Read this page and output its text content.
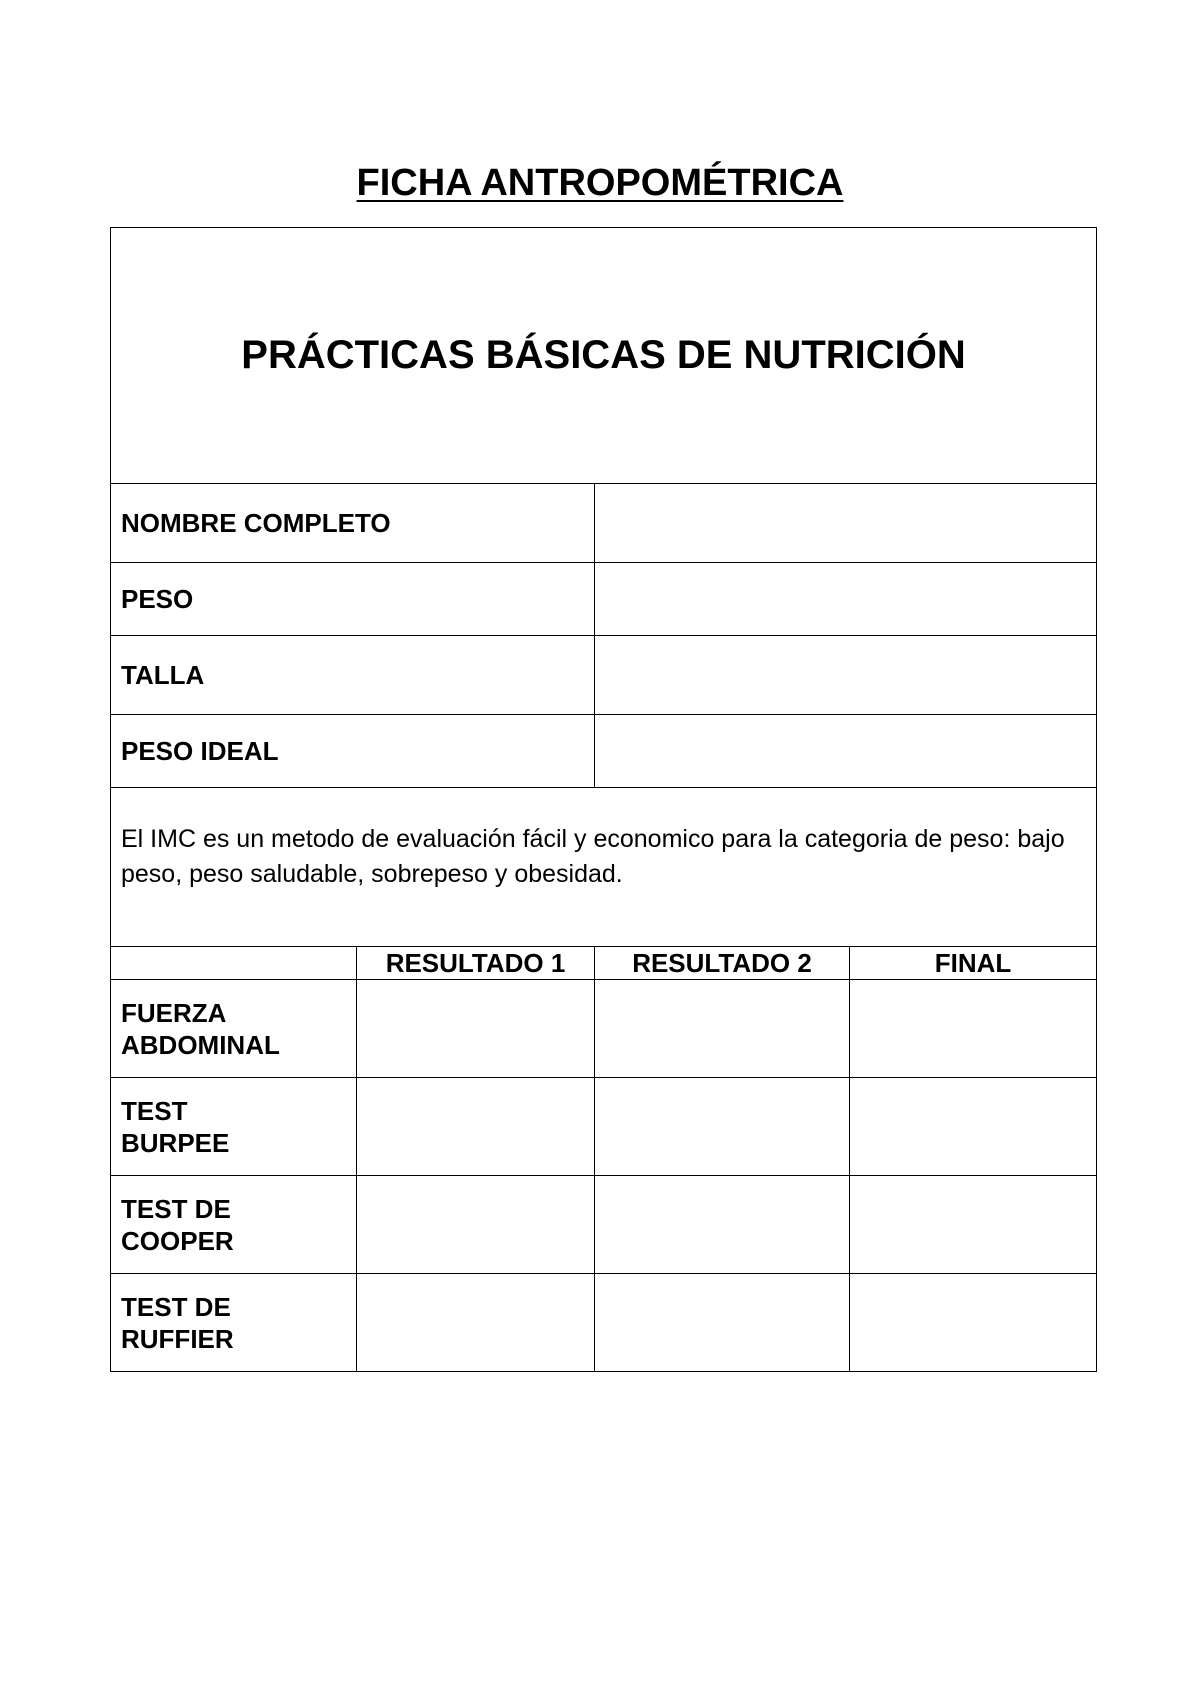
FICHA ANTROPOMÉTRICA
PRÁCTICAS BÁSICAS DE NUTRICIÓN			
NOMBRE COMPLETO			
PESO			
TALLA			
PESO IDEAL			

El IMC es un metodo de evaluación fácil y economico para la categoria de peso: bajo peso, peso saludable, sobrepeso y obesidad.			

	RESULTADO 1	RESULTADO 2	FINAL

FUERZA ABDOMINAL			

TEST BURPEE			

TEST DE COOPER			

TEST DE RUFFIER			
